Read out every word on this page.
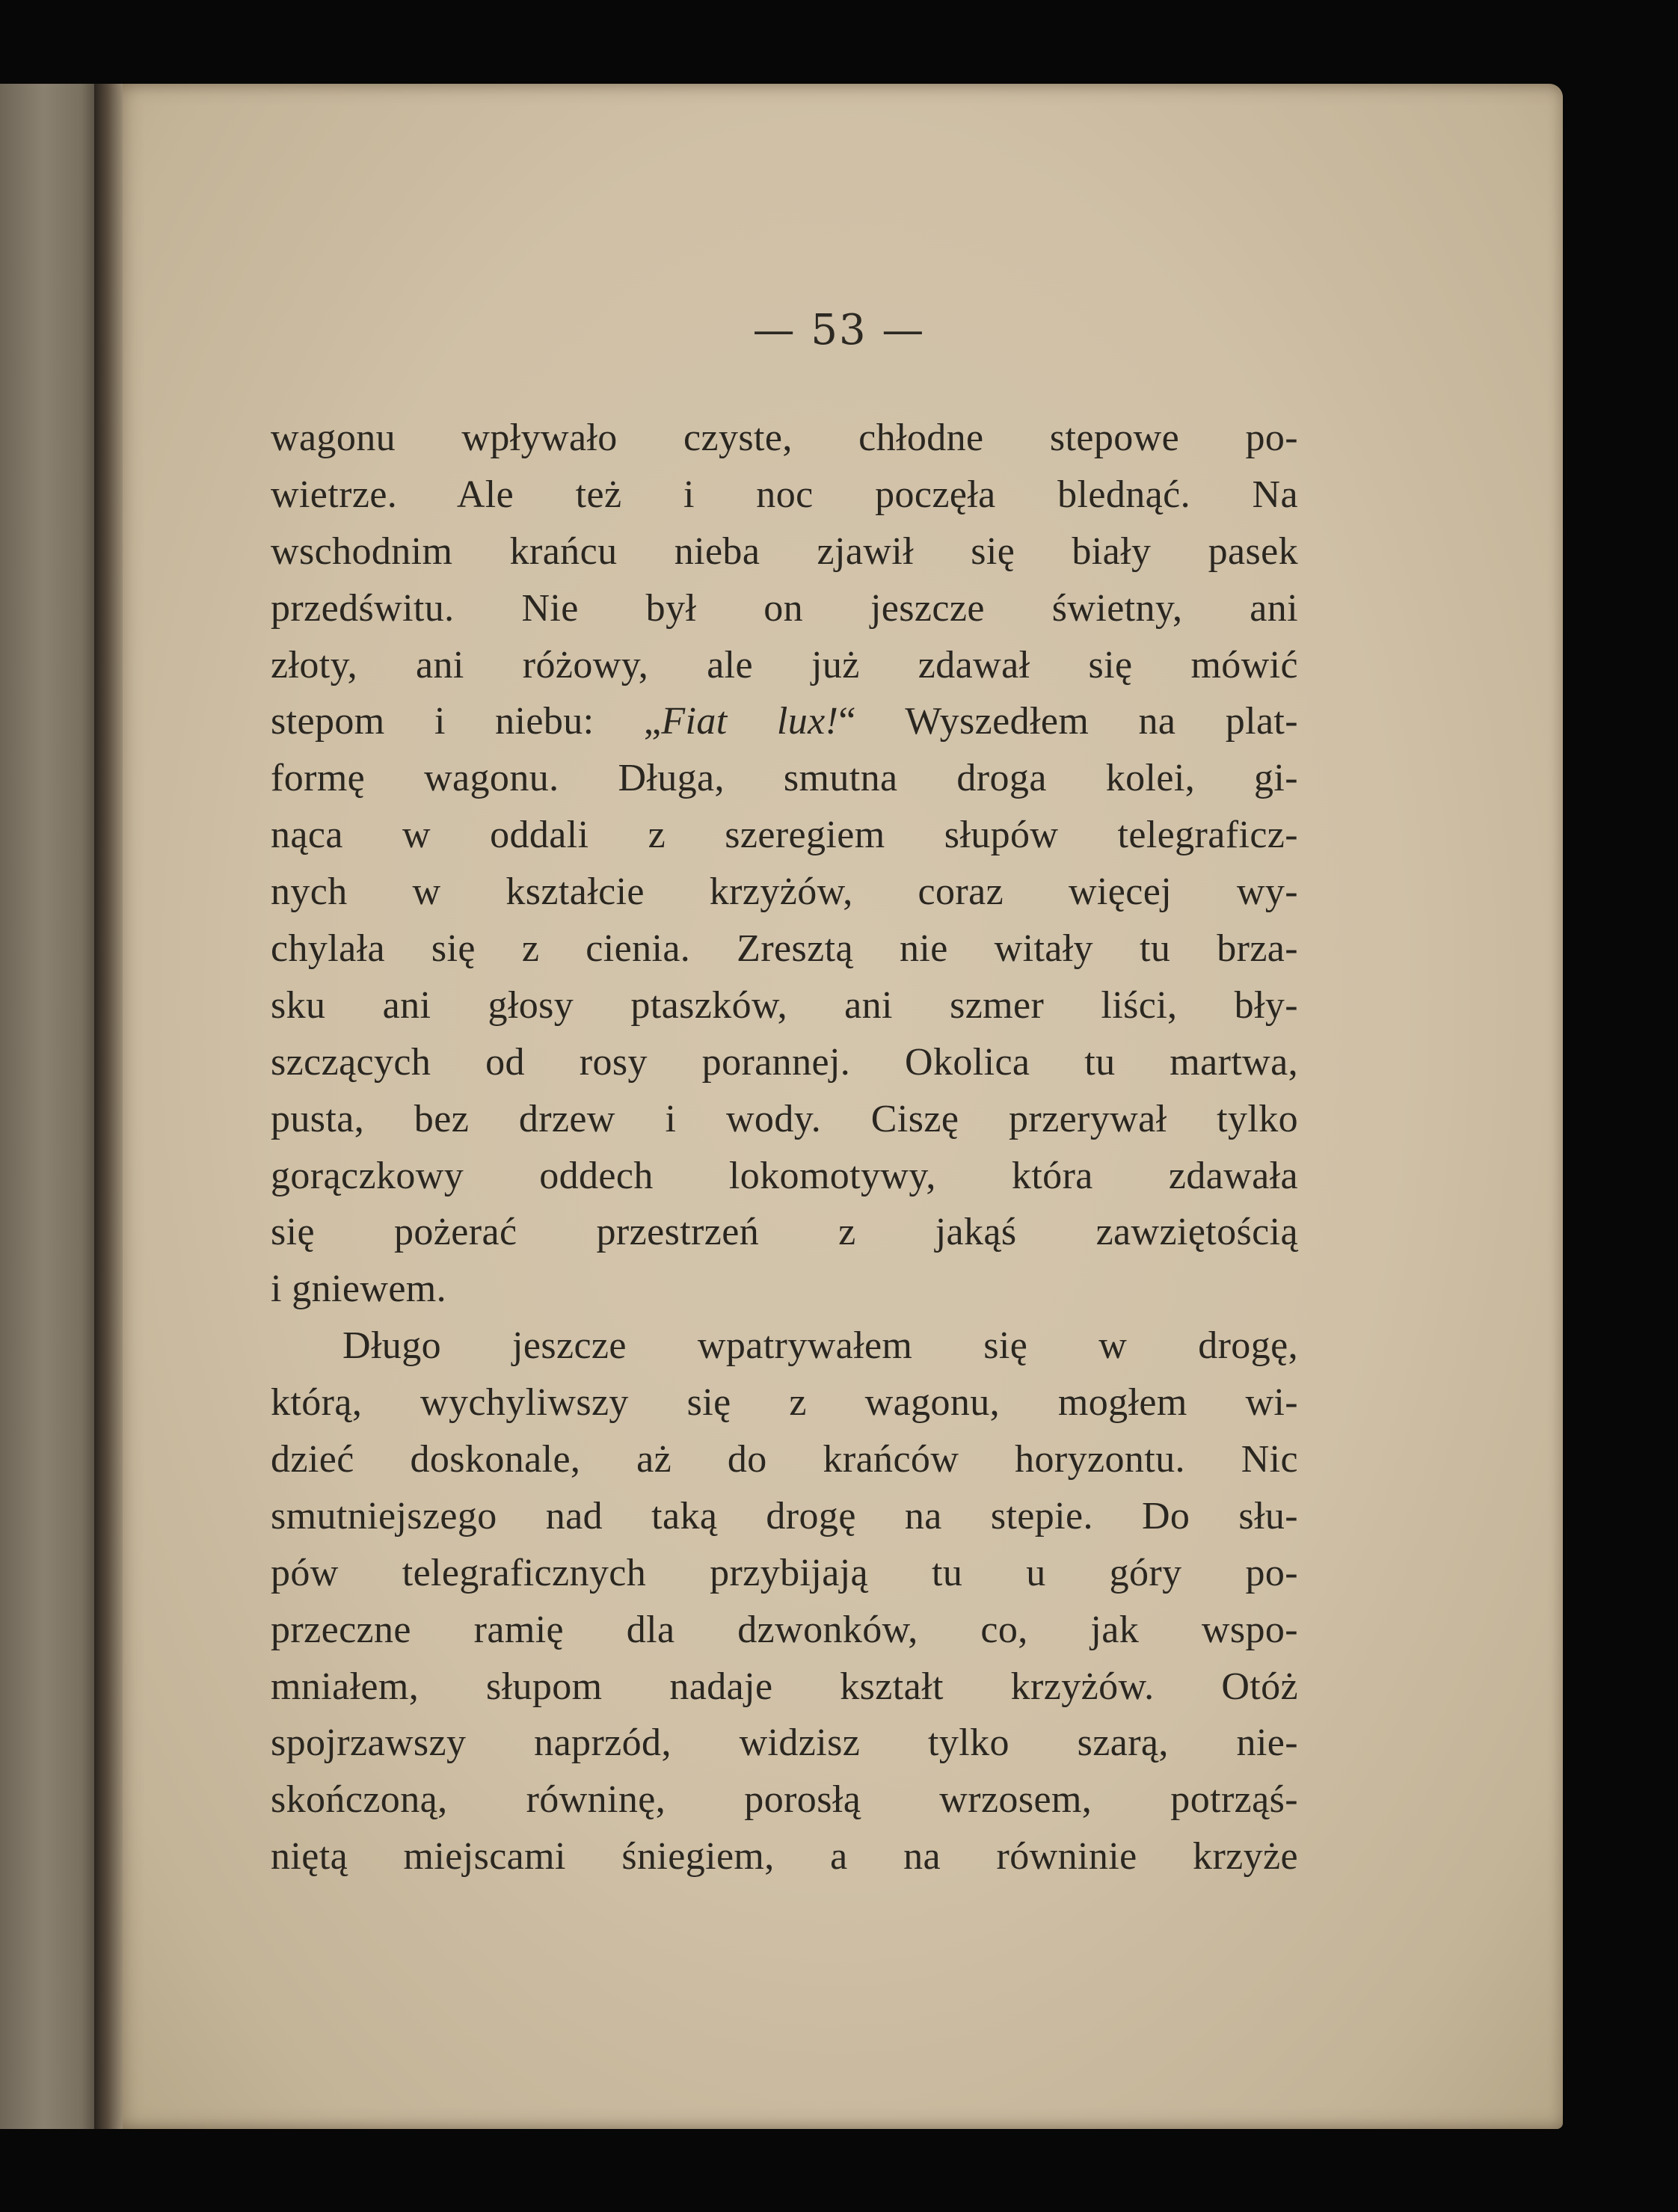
— 53 —
wagonu wpływało czyste, chłodne stepowe po-
wietrze. Ale też i noc poczęła blednąć. Na
wschodnim krańcu nieba zjawił się biały pasek
przedświtu. Nie był on jeszcze świetny, ani
złoty, ani różowy, ale już zdawał się mówić
stepom i niebu: „Fiat lux!“ Wyszedłem na plat-
formę wagonu. Długa, smutna droga kolei, gi-
nąca w oddali z szeregiem słupów telegraficz-
nych w kształcie krzyżów, coraz więcej wy-
chylała się z cienia. Zresztą nie witały tu brza-
sku ani głosy ptaszków, ani szmer liści, bły-
szczących od rosy porannej. Okolica tu martwa,
pusta, bez drzew i wody. Ciszę przerywał tylko
gorączkowy oddech lokomotywy, która zdawała
się pożerać przestrzeń z jakąś zawziętością
i gniewem.
Długo jeszcze wpatrywałem się w drogę,
którą, wychyliwszy się z wagonu, mogłem wi-
dzieć doskonale, aż do krańców horyzontu. Nic
smutniejszego nad taką drogę na stepie. Do słu-
pów telegraficznych przybijają tu u góry po-
przeczne ramię dla dzwonków, co, jak wspo-
mniałem, słupom nadaje kształt krzyżów. Otóż
spojrzawszy naprzód, widzisz tylko szarą, nie-
skończoną, równinę, porosłą wrzosem, potrząś-
niętą miejscami śniegiem, a na równinie krzyże
